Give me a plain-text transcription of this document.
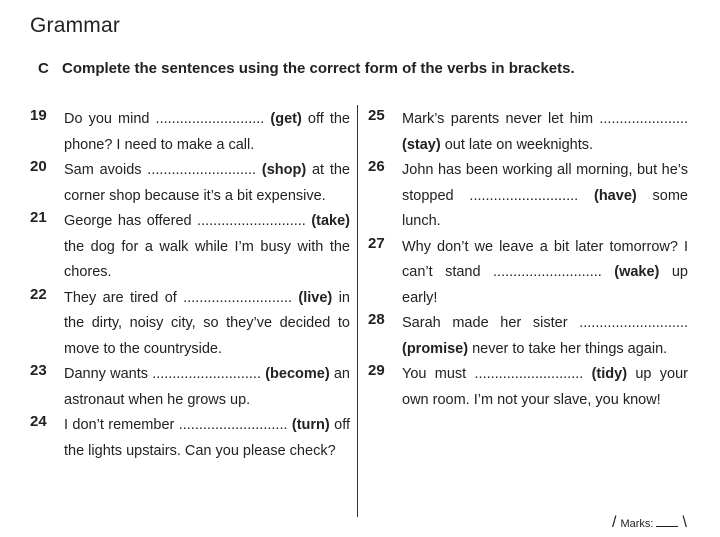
Grammar
C Complete the sentences using the correct form of the verbs in brackets.
19 Do you mind ........................... (get) off the phone? I need to make a call.
20 Sam avoids ........................... (shop) at the corner shop because it’s a bit expensive.
21 George has offered ........................... (take) the dog for a walk while I’m busy with the chores.
22 They are tired of ........................... (live) in the dirty, noisy city, so they’ve decided to move to the countryside.
23 Danny wants ........................... (become) an astronaut when he grows up.
24 I don’t remember ........................... (turn) off the lights upstairs. Can you please check?
25 Mark’s parents never let him ...................... (stay) out late on weeknights.
26 John has been working all morning, but he’s stopped ........................... (have) some lunch.
27 Why don’t we leave a bit later tomorrow? I can’t stand ........................... (wake) up early!
28 Sarah made her sister ........................... (promise) never to take her things again.
29 You must ........................... (tidy) up your own room. I’m not your slave, you know!
/ Marks: \
